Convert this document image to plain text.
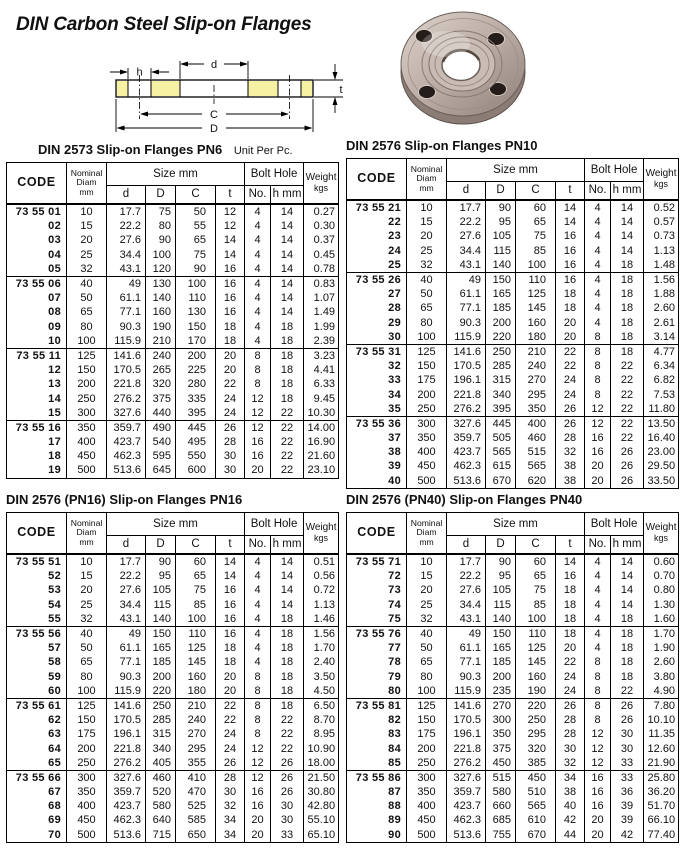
DIN Carbon Steel Slip-on Flanges
h
d
t
C
D
DIN 2573 Slip-on Flanges PN6 Unit Per Pc.
CODE	Nominal
Diam
mm	Size mm				Bolt Hole		Weight
kgs

		d	D	C	t	No.	h mm	
73 55 01	10	17.7	75	50	12	4	14	0.27
02	15	22.2	80	55	12	4	14	0.30
03	20	27.6	90	65	14	4	14	0.37
04	25	34.4	100	75	14	4	14	0.45
05	32	43.1	120	90	16	4	14	0.78
73 55 06	40	49	130	100	16	4	14	0.83
07	50	61.1	140	110	16	4	14	1.07
08	65	77.1	160	130	16	4	14	1.49
09	80	90.3	190	150	18	4	18	1.99
10	100	115.9	210	170	18	4	18	2.39
73 55 11	125	141.6	240	200	20	8	18	3.23
12	150	170.5	265	225	20	8	18	4.41
13	200	221.8	320	280	22	8	18	6.33
14	250	276.2	375	335	24	12	18	9.45
15	300	327.6	440	395	24	12	22	10.30
73 55 16	350	359.7	490	445	26	12	22	14.00
17	400	423.7	540	495	28	16	22	16.90
18	450	462.3	595	550	30	16	22	21.60
19	500	513.6	645	600	30	20	22	23.10
DIN 2576 Slip-on Flanges PN10
CODE	Nominal
Diam
mm	Size mm				Bolt Hole		Weight
kgs

		d	D	C	t	No.	h mm	
73 55 21	10	17.7	90	60	14	4	14	0.52
22	15	22.2	95	65	14	4	14	0.57
23	20	27.6	105	75	16	4	14	0.73
24	25	34.4	115	85	16	4	14	1.13
25	32	43.1	140	100	16	4	18	1.48
73 55 26	40	49	150	110	16	4	18	1.56
27	50	61.1	165	125	18	4	18	1.88
28	65	77.1	185	145	18	4	18	2.60
29	80	90.3	200	160	20	4	18	2.61
30	100	115.9	220	180	20	8	18	3.14
73 55 31	125	141.6	250	210	22	8	18	4.77
32	150	170.5	285	240	22	8	22	6.34
33	175	196.1	315	270	24	8	22	6.82
34	200	221.8	340	295	24	8	22	7.53
35	250	276.2	395	350	26	12	22	11.80
73 55 36	300	327.6	445	400	26	12	22	13.50
37	350	359.7	505	460	28	16	22	16.40
38	400	423.7	565	515	32	16	26	23.00
39	450	462.3	615	565	38	20	26	29.50
40	500	513.6	670	620	38	20	26	33.50
DIN 2576 (PN16) Slip-on Flanges PN16
CODE	Nominal
Diam
mm	Size mm				Bolt Hole		Weight
kgs

		d	D	C	t	No.	h mm	
73 55 51	10	17.7	90	60	14	4	14	0.51
52	15	22.2	95	65	14	4	14	0.56
53	20	27.6	105	75	16	4	14	0.72
54	25	34.4	115	85	16	4	14	1.13
55	32	43.1	140	100	16	4	18	1.46
73 55 56	40	49	150	110	16	4	18	1.56
57	50	61.1	165	125	18	4	18	1.70
58	65	77.1	185	145	18	4	18	2.40
59	80	90.3	200	160	20	8	18	3.50
60	100	115.9	220	180	20	8	18	4.50
73 55 61	125	141.6	250	210	22	8	18	6.50
62	150	170.5	285	240	22	8	22	8.70
63	175	196.1	315	270	24	8	22	8.95
64	200	221.8	340	295	24	12	22	10.90
65	250	276.2	405	355	26	12	26	18.00
73 55 66	300	327.6	460	410	28	12	26	21.50
67	350	359.7	520	470	30	16	26	30.80
68	400	423.7	580	525	32	16	30	42.80
69	450	462.3	640	585	34	20	30	55.10
70	500	513.6	715	650	34	20	33	65.10
DIN 2576 (PN40) Slip-on Flanges PN40
CODE	Nominal
Diam
mm	Size mm				Bolt Hole		Weight
kgs

		d	D	C	t	No.	h mm	
73 55 71	10	17.7	90	60	14	4	14	0.60
72	15	22.2	95	65	16	4	14	0.70
73	20	27.6	105	75	18	4	14	0.80
74	25	34.4	115	85	18	4	14	1.30
75	32	43.1	140	100	18	4	18	1.60
73 55 76	40	49	150	110	18	4	18	1.70
77	50	61.1	165	125	20	4	18	1.90
78	65	77.1	185	145	22	8	18	2.60
79	80	90.3	200	160	24	8	18	3.80
80	100	115.9	235	190	24	8	22	4.90
73 55 81	125	141.6	270	220	26	8	26	7.80
82	150	170.5	300	250	28	8	26	10.10
83	175	196.1	350	295	28	12	30	11.35
84	200	221.8	375	320	30	12	30	12.60
85	250	276.2	450	385	32	12	33	21.90
73 55 86	300	327.6	515	450	34	16	33	25.80
87	350	359.7	580	510	38	16	36	36.20
88	400	423.7	660	565	40	16	39	51.70
89	450	462.3	685	610	42	20	39	66.10
90	500	513.6	755	670	44	20	42	77.40
